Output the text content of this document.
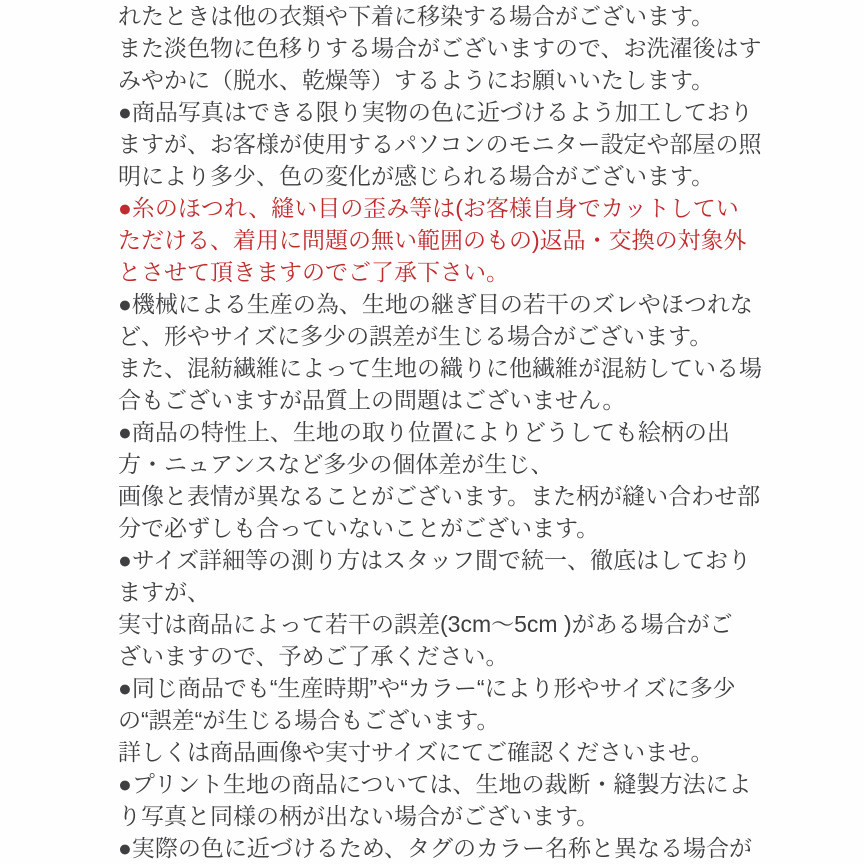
れたときは他の衣類や下着に移染する場合がございます。
また淡色物に色移りする場合がございますので、お洗濯後はす
みやかに（脱水、乾燥等）するようにお願いいたします。
●商品写真はできる限り実物の色に近づけるよう加工しており
ますが、お客様が使用するパソコンのモニター設定や部屋の照
明により多少、色の変化が感じられる場合がございます。
●糸のほつれ、縫い目の歪み等は(お客様自身でカットしてい
ただける、着用に問題の無い範囲のもの)返品・交換の対象外
とさせて頂きますのでご了承下さい。
●機械による生産の為、生地の継ぎ目の若干のズレやほつれな
ど、形やサイズに多少の誤差が生じる場合がございます。
また、混紡繊維によって生地の織りに他繊維が混紡している場
合もございますが品質上の問題はございません。
●商品の特性上、生地の取り位置によりどうしても絵柄の出
方・ニュアンスなど多少の個体差が生じ、
画像と表情が異なることがございます。また柄が縫い合わせ部
分で必ずしも合っていないことがございます。
●サイズ詳細等の測り方はスタッフ間で統一、徹底はしており
ますが、
実寸は商品によって若干の誤差(3cm〜5cm )がある場合がご
ざいますので、予めご了承ください。
●同じ商品でも“生産時期”や“カラー“により形やサイズに多少
の“誤差“が生じる場合もございます。
詳しくは商品画像や実寸サイズにてご確認くださいませ。
●プリント生地の商品については、生地の裁断・縫製方法によ
り写真と同様の柄が出ない場合がございます。
●実際の色に近づけるため、タグのカラー名称と異なる場合が
